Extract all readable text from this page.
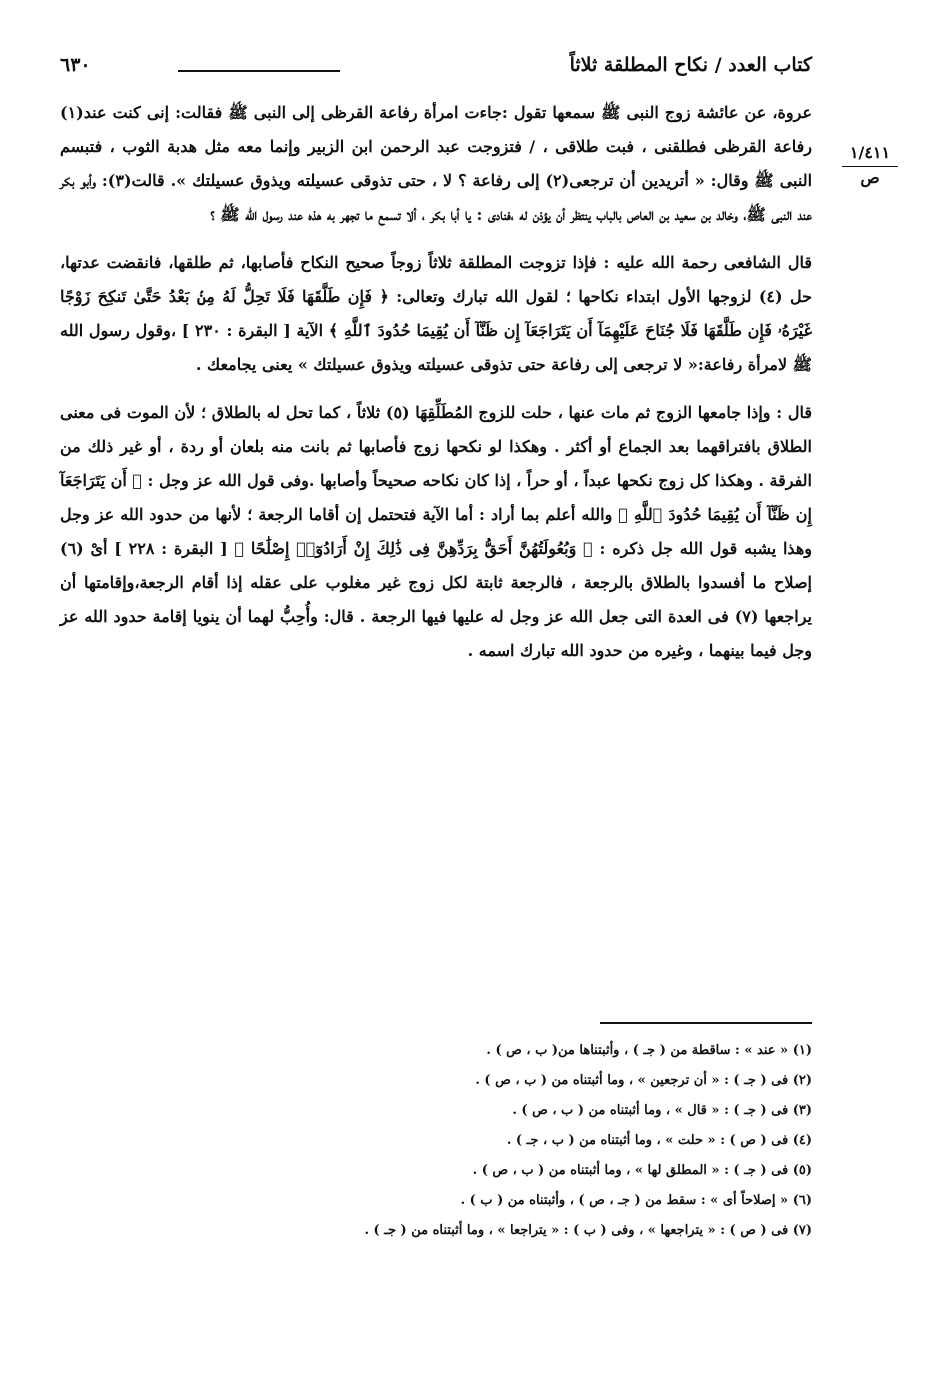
كتاب العدد / نكاح المطلقة ثلاثاً
٦٣٠
١/٤١١
ص

عروة، عن عائشة زوج النبى ﷺ سمعها تقول :جاءت امرأة رفاعة القرظى إلى النبى ﷺ فقالت: إنى كنت عند(١) رفاعة القرظى فطلقنى ، فبت طلاقى ، / فتزوجت عبد الرحمن ابن الزبير وإنما معه مثل هدبة الثوب ، فتبسم النبى ﷺ وقال: « أتريدين أن ترجعى(٢) إلى رفاعة ؟ لا ، حتى تذوقى عسيلته ويذوق عسيلتك ». قالت(٣): وأبو بكر عند النبى ﷺ، وخالد بن سعيد بن العاص بالباب ينتظر أن يؤذن له ،فنادى : يا أبا بكر ، ألا تسمع ما تجهر به هذه عند رسول الله ﷺ ؟

قال الشافعى رحمة الله عليه : فإذا تزوجت المطلقة ثلاثاً زوجاً صحيح النكاح فأصابها، ثم طلقها، فانقضت عدتها، حل (٤) لزوجها الأول ابتداء نكاحها ؛ لقول الله تبارك وتعالى: ﴿ فَإِن طَلَّقَهَا فَلَا تَحِلُّ لَهُ مِنۢ بَعْدُ حَتَّىٰ تَنكِحَ زَوْجًا غَيْرَهُۥ فَإِن طَلَّقَهَا فَلَا جُنَاحَ عَلَيْهِمَآ أَن يَتَرَاجَعَآ إِن ظَنَّآ أَن يُقِيمَا حُدُودَ ٱللَّهِ ﴾ الآية [ البقرة : ٢٣٠ ] ،وقول رسول الله ﷺ لامرأة رفاعة:« لا ترجعى إلى رفاعة حتى تذوقى عسيلته ويذوق عسيلتك » يعنى يجامعك .

قال : وإذا جامعها الزوج ثم مات عنها ، حلت للزوج المُطَلِّقِهَا (٥) ثلاثاً ، كما تحل له بالطلاق ؛ لأن الموت فى معنى الطلاق بافتراقهما بعد الجماع أو أكثر . وهكذا لو نكحها زوج فأصابها ثم بانت منه بلعان أو ردة ، أو غير ذلك من الفرقة . وهكذا كل زوج نكحها عبداً ، أو حراً ، إذا كان نكاحه صحيحاً وأصابها .وفى قول الله عز وجل : ﴿ أَن يَتَرَاجَعَآ إِن ظَنَّآ أَن يُقِيمَا حُدُودَ ٱللَّهِ ﴾ والله أعلم بما أراد : أما الآية فتحتمل إن أقاما الرجعة ؛ لأنها من حدود الله عز وجل وهذا يشبه قول الله جل ذكره : ﴿ وَبُعُولَتُهُنَّ أَحَقُّ بِرَدِّهِنَّ فِى ذَٰلِكَ إِنْ أَرَادُوٓا۟ إِصْلَٰحًا ﴾ [ البقرة : ٢٢٨ ] أىْ (٦) إصلاح ما أفسدوا بالطلاق بالرجعة ، فالرجعة ثابتة لكل زوج غير مغلوب على عقله إذا أقام الرجعة،وإقامتها أن يراجعها (٧) فى العدة التى جعل الله عز وجل له عليها فيها الرجعة . قال: وأُحِبُّ لهما أن ينويا إقامة حدود الله عز وجل فيما بينهما ، وغيره من حدود الله تبارك اسمه .

(١) « عند » : ساقطة من ( جـ ) ، وأثبتناها من( ب ، ص ) .

(٢) فى ( جـ ) : « أن ترجعين » ، وما أثبتناه من ( ب ، ص ) .

(٣) فى ( جـ ) : « قال » ، وما أثبتناه من ( ب ، ص ) .

(٤) فى ( ص ) : « حلت » ، وما أثبتناه من ( ب ، جـ ) .

(٥) فى ( جـ ) : « المطلق لها » ، وما أثبتناه من ( ب ، ص ) .

(٦) « إصلاحاً أى » : سقط من ( جـ ، ص ) ، وأثبتناه من ( ب ) .

(٧) فى ( ص ) : « يتراجعها » ، وفى ( ب ) : « يتراجعا » ، وما أثبتناه من ( جـ ) .
